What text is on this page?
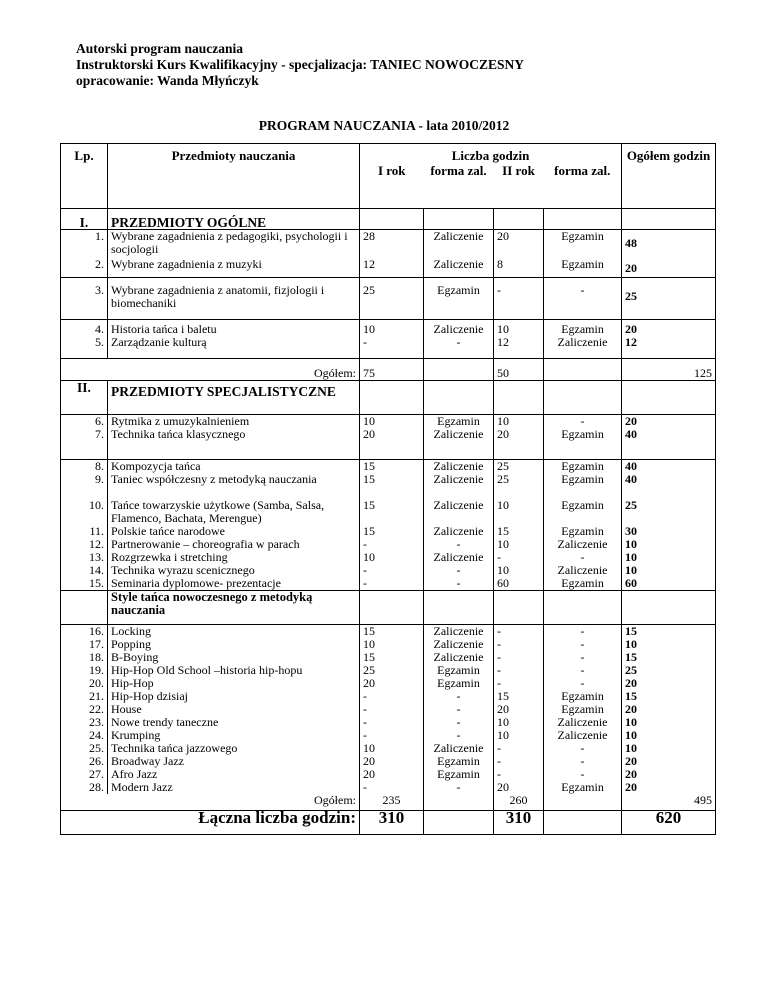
Autorski program nauczania
Instruktorski Kurs Kwalifikacyjny - specjalizacja: TANIEC NOWOCZESNY
opracowanie: Wanda Młyńczyk
PROGRAM NAUCZANIA - lata 2010/2012
Lp.	Przedmioty nauczania	Liczba godzin				Ogółem godzin
		I rok	forma zal.	II rok	forma zal.	
I.	PRZEDMIOTY OGÓLNE					
1.	Wybrane zagadnienia z pedagogiki, psychologii i socjologii	28	Zaliczenie	20	Egzamin	48
2.	Wybrane zagadnienia z muzyki	12	Zaliczenie	8	Egzamin	20
3.	Wybrane zagadnienia z anatomii, fizjologii i biomechaniki	25	Egzamin	-	-	25
4.	Historia tańca i baletu	10	Zaliczenie	10	Egzamin	20
5.	Zarządzanie kulturą	-	-	12	Zaliczenie	12
	Ogółem:	75		50		125
II.	PRZEDMIOTY SPECJALISTYCZNE					
6.	Rytmika z umuzykalnieniem	10	Egzamin	10	-	20
7.	Technika tańca klasycznego	20	Zaliczenie	20	Egzamin	40
8.	Kompozycja tańca	15	Zaliczenie	25	Egzamin	40
9.	Taniec współczesny z metodyką nauczania	15	Zaliczenie	25	Egzamin	40
10.	Tańce towarzyskie użytkowe (Samba, Salsa, Flamenco, Bachata, Merengue)	15	Zaliczenie	10	Egzamin	25
11.	Polskie tańce narodowe	15	Zaliczenie	15	Egzamin	30
12.	Partnerowanie – choreografia w parach	-	-	10	Zaliczenie	10
13.	Rozgrzewka i stretching	10	Zaliczenie	-	-	10
14.	Technika wyrazu scenicznego	-	-	10	Zaliczenie	10
15.	Seminaria dyplomowe- prezentacje	-	-	60	Egzamin	60
	Style tańca nowoczesnego z metodyką nauczania					
16.	Locking	15	Zaliczenie	-	-	15
17.	Popping	10	Zaliczenie	-	-	10
18.	B-Boying	15	Zaliczenie	-	-	15
19.	Hip-Hop Old School –historia hip-hopu	25	Egzamin	-	-	25
20.	Hip-Hop	20	Egzamin	-	-	20
21.	Hip-Hop dzisiaj	-	-	15	Egzamin	15
22.	House	-	-	20	Egzamin	20
23.	Nowe trendy taneczne	-	-	10	Zaliczenie	10
24.	Krumping	-	-	10	Zaliczenie	10
25.	Technika tańca jazzowego	10	Zaliczenie	-	-	10
26.	Broadway Jazz	20	Egzamin	-	-	20
27.	Afro Jazz	20	Egzamin	-	-	20
28.	Modern Jazz	-	-	20	Egzamin	20
	Ogółem:	235		260		495
	Łączna liczba godzin:	310		310		620
